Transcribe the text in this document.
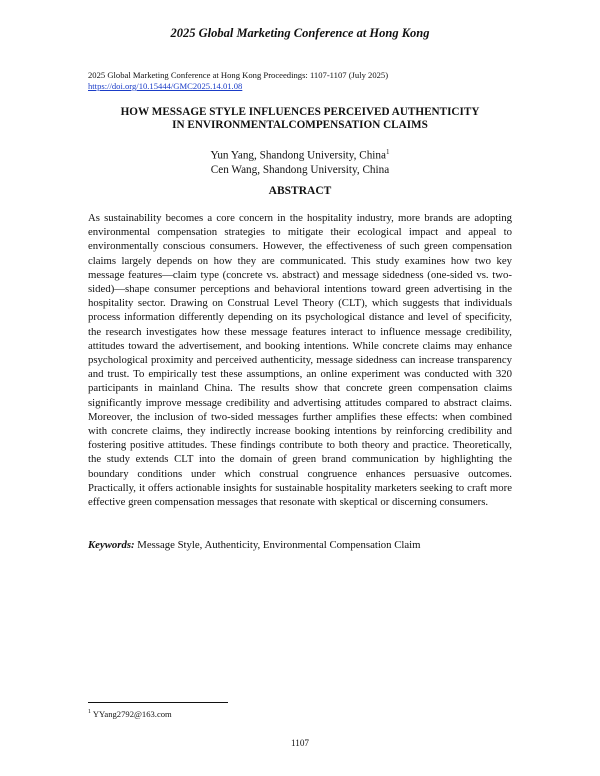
2025 Global Marketing Conference at Hong Kong
2025 Global Marketing Conference at Hong Kong Proceedings: 1107-1107 (July 2025)
https://doi.org/10.15444/GMC2025.14.01.08
HOW MESSAGE STYLE INFLUENCES PERCEIVED AUTHENTICITY
IN ENVIRONMENTALCOMPENSATION CLAIMS
Yun Yang, Shandong University, China$^1$
Cen Wang, Shandong University, China
ABSTRACT

As sustainability becomes a core concern in the hospitality industry, more brands are adopting environmental compensation strategies to mitigate their ecological impact and appeal to environmentally conscious consumers. However, the effectiveness of such green compensation claims largely depends on how they are communicated. This study examines how two key message features—claim type (concrete vs. abstract) and message sidedness (one-sided vs. two-sided)—shape consumer perceptions and behavioral intentions toward green advertising in the hospitality sector. Drawing on Construal Level Theory (CLT), which suggests that individuals process information differently depending on its psychological distance and level of specificity, the research investigates how these message features interact to influence message credibility, attitudes toward the advertisement, and booking intentions. While concrete claims may enhance psychological proximity and perceived authenticity, message sidedness can increase transparency and trust. To empirically test these assumptions, an online experiment was conducted with 320 participants in mainland China. The results show that concrete green compensation claims significantly improve message credibility and advertising attitudes compared to abstract claims. Moreover, the inclusion of two-sided messages further amplifies these effects: when combined with concrete claims, they indirectly increase booking intentions by reinforcing credibility and fostering positive attitudes. These findings contribute to both theory and practice. Theoretically, the study extends CLT into the domain of green brand communication by highlighting the boundary conditions under which construal congruence enhances persuasive outcomes. Practically, it offers actionable insights for sustainable hospitality marketers seeking to craft more effective green compensation messages that resonate with skeptical or discerning consumers.

Keywords: Message Style, Authenticity, Environmental Compensation Claim
$^1$ YYang2792@163.com
1107
